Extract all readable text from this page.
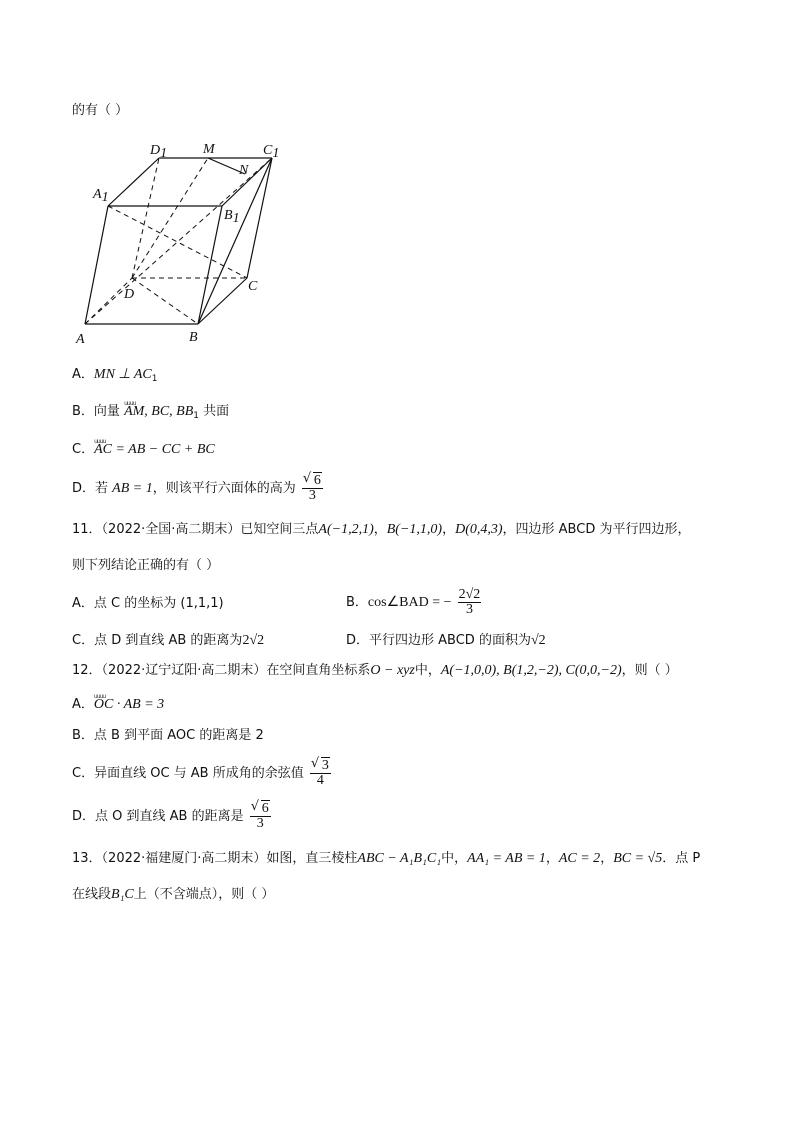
的有（ ）
D1	M	C1
N
A1
B1
D
C
A	B
A．MN ⊥ $AC_1$
B．向量 uuuu AM, BC, $BB_1$ 共面
C．uuuu AC = AB − CC + BC
D．若 AB = 1，则该平行六面体的高为 √ $\frac{6}{3}$
11．（2022·全国·高二期末）已知空间三点A(−1,2,1)，B(−1,1,0)，D(0,4,3)，四边形 ABCD 为平行四边形，
则下列结论正确的有（ ）
A．点 C 的坐标为 (1,1,1)	B．cos∠BAD = − $\frac{2√2}{3}$
C．点 D 到直线 AB 的距离为2√2	D．平行四边形 ABCD 的面积为√2
12．（2022·辽宁辽阳·高二期末）在空间直角坐标系O − xyz中，A(−1,0,0), B(1,2,−2), C(0,0,−2)，则（ ）
A．uuuu OC · AB = 3
B．点 B 到平面 AOC 的距离是 2
C．异面直线 OC 与 AB 所成角的余弦值 √ $\frac{3}{4}$
D．点 O 到直线 AB 的距离是 √ $\frac{6}{3}$
13．（2022·福建厦门·高二期末）如图，直三棱柱ABC − A₁B₁C₁中，AA₁ = AB = 1，AC = 2，BC = √5．点 P
在线段B₁C上（不含端点），则（ ）
